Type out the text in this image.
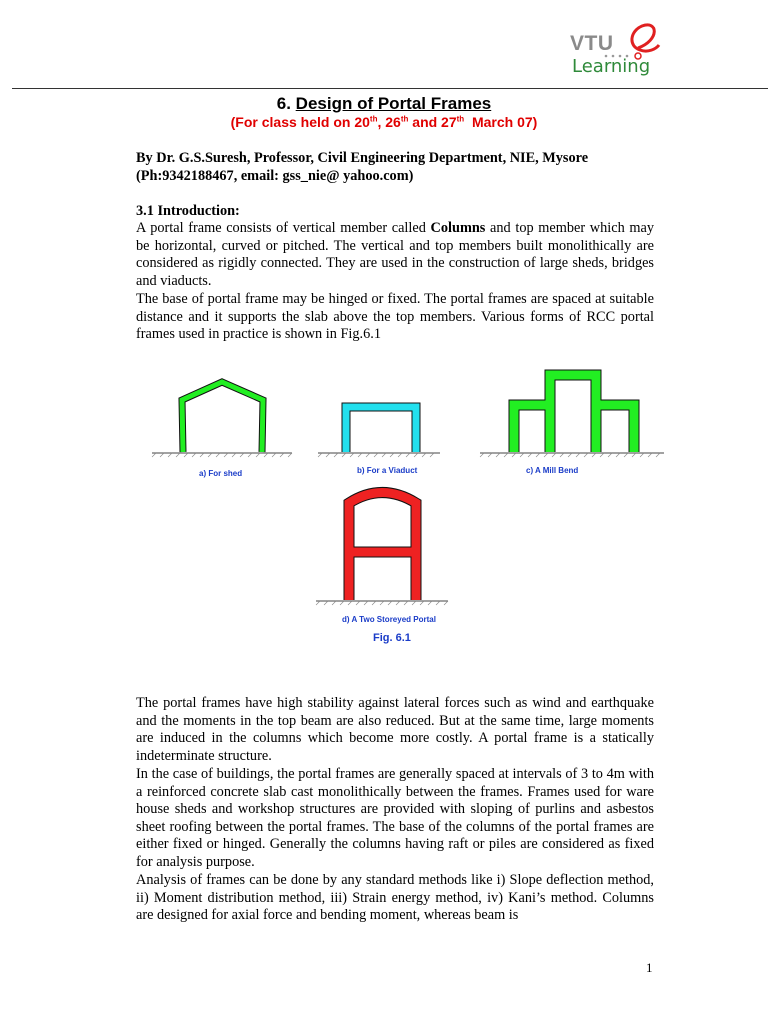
VTU
Learning
6. Design of Portal Frames
(For class held on 20th, 26th and 27th  March 07)
By Dr. G.S.Suresh, Professor, Civil Engineering Department, NIE, Mysore
(Ph:9342188467, email: gss_nie@ yahoo.com)
3.1 Introduction:
A portal frame consists of vertical member called Columns and top member which may be horizontal, curved or pitched. The vertical and top members built monolithically are considered as rigidly connected. They are used in the construction of large sheds, bridges and viaducts.
The base of portal frame may be hinged or fixed. The portal frames are spaced at suitable distance and it supports the slab above the top members. Various forms of RCC portal frames used in practice is shown in Fig.6.1
a) For shed	b) For a Viaduct	c) A Mill Bend
d) A Two Storeyed Portal
Fig. 6.1
The portal frames have high stability against lateral forces such as wind and earthquake and the moments in the top beam are also reduced. But at the same time, large moments are induced in the columns which become more costly. A portal frame is a statically indeterminate structure.
In the case of buildings, the portal frames are generally spaced at intervals of 3 to 4m with a reinforced concrete slab cast monolithically between the frames. Frames used for ware house sheds and workshop structures are provided with sloping of purlins and asbestos sheet roofing between the portal frames. The base of the columns of the portal frames are either fixed or hinged. Generally the columns having raft or piles are considered as fixed for analysis purpose.
Analysis of frames can be done by any standard methods like i) Slope deflection method, ii) Moment distribution method, iii) Strain energy method, iv) Kani’s method. Columns are designed for axial force and bending moment, whereas beam is
1
